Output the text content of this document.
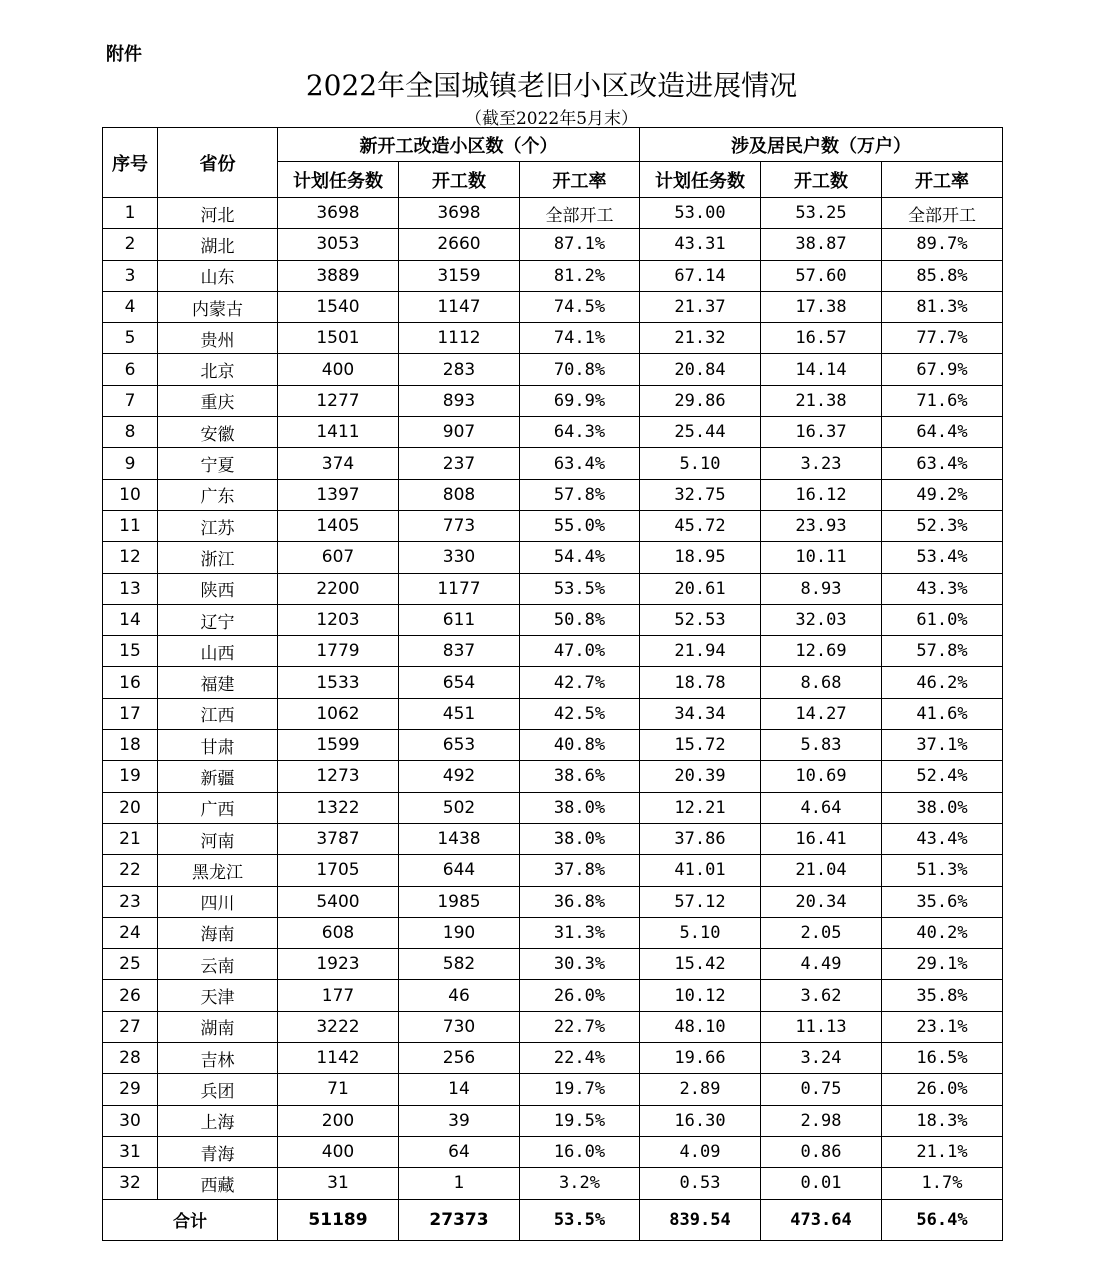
附件
2022年全国城镇老旧小区改造进展情况
（截至2022年5月末）
序号	省份	新开工改造小区数（个）			涉及居民户数（万户）		
		计划任务数	开工数	开工率	计划任务数	开工数	开工率
1	河北	3698	3698	全部开工	53.00	53.25	全部开工
2	湖北	3053	2660	87.1%	43.31	38.87	89.7%
3	山东	3889	3159	81.2%	67.14	57.60	85.8%
4	内蒙古	1540	1147	74.5%	21.37	17.38	81.3%
5	贵州	1501	1112	74.1%	21.32	16.57	77.7%
6	北京	400	283	70.8%	20.84	14.14	67.9%
7	重庆	1277	893	69.9%	29.86	21.38	71.6%
8	安徽	1411	907	64.3%	25.44	16.37	64.4%
9	宁夏	374	237	63.4%	5.10	3.23	63.4%
10	广东	1397	808	57.8%	32.75	16.12	49.2%
11	江苏	1405	773	55.0%	45.72	23.93	52.3%
12	浙江	607	330	54.4%	18.95	10.11	53.4%
13	陕西	2200	1177	53.5%	20.61	8.93	43.3%
14	辽宁	1203	611	50.8%	52.53	32.03	61.0%
15	山西	1779	837	47.0%	21.94	12.69	57.8%
16	福建	1533	654	42.7%	18.78	8.68	46.2%
17	江西	1062	451	42.5%	34.34	14.27	41.6%
18	甘肃	1599	653	40.8%	15.72	5.83	37.1%
19	新疆	1273	492	38.6%	20.39	10.69	52.4%
20	广西	1322	502	38.0%	12.21	4.64	38.0%
21	河南	3787	1438	38.0%	37.86	16.41	43.4%
22	黑龙江	1705	644	37.8%	41.01	21.04	51.3%
23	四川	5400	1985	36.8%	57.12	20.34	35.6%
24	海南	608	190	31.3%	5.10	2.05	40.2%
25	云南	1923	582	30.3%	15.42	4.49	29.1%
26	天津	177	46	26.0%	10.12	3.62	35.8%
27	湖南	3222	730	22.7%	48.10	11.13	23.1%
28	吉林	1142	256	22.4%	19.66	3.24	16.5%
29	兵团	71	14	19.7%	2.89	0.75	26.0%
30	上海	200	39	19.5%	16.30	2.98	18.3%
31	青海	400	64	16.0%	4.09	0.86	21.1%
32	西藏	31	1	3.2%	0.53	0.01	1.7%
合计		51189	27373	53.5%	839.54	473.64	56.4%
